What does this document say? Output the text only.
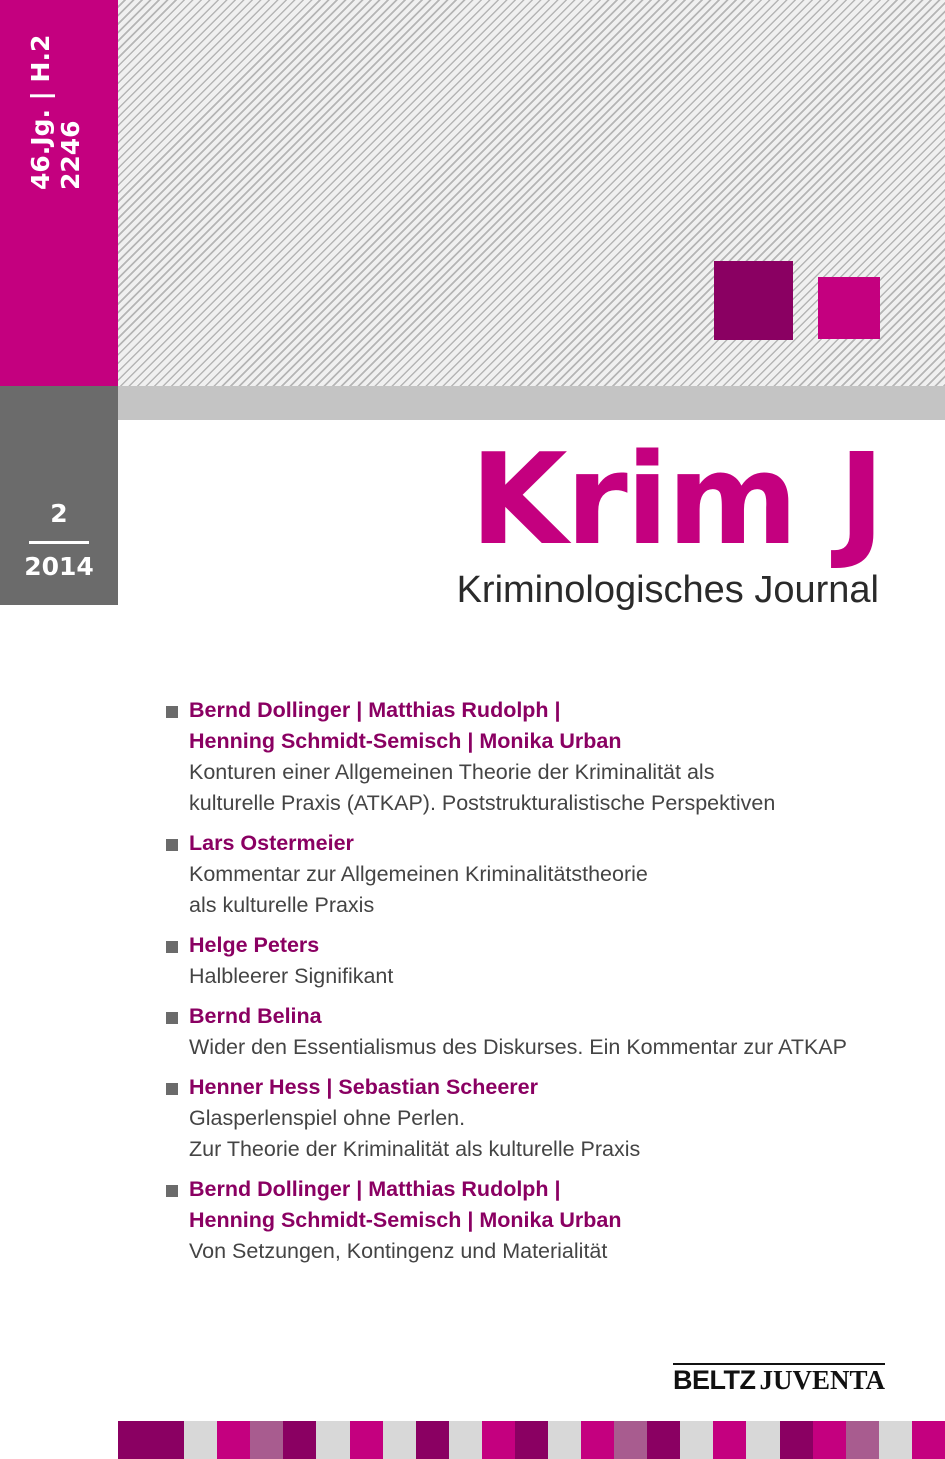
46.Jg. | H.2 2246
2
2014	Krim J
Kriminologisches Journal
Bernd Dollinger | Matthias Rudolph |
Henning Schmidt-Semisch | Monika Urban
Konturen einer Allgemeinen Theorie der Kriminalität als
kulturelle Praxis (ATKAP). Poststrukturalistische Perspektiven
Lars Ostermeier
Kommentar zur Allgemeinen Kriminalitätstheorie
als kulturelle Praxis
Helge Peters
Halbleerer Signifikant
Bernd Belina
Wider den Essentialismus des Diskurses. Ein Kommentar zur ATKAP
Henner Hess | Sebastian Scheerer
Glasperlenspiel ohne Perlen.
Zur Theorie der Kriminalität als kulturelle Praxis
Bernd Dollinger | Matthias Rudolph |
Henning Schmidt-Semisch | Monika Urban
Von Setzungen, Kontingenz und Materialität
BELTZ JUVENTA
